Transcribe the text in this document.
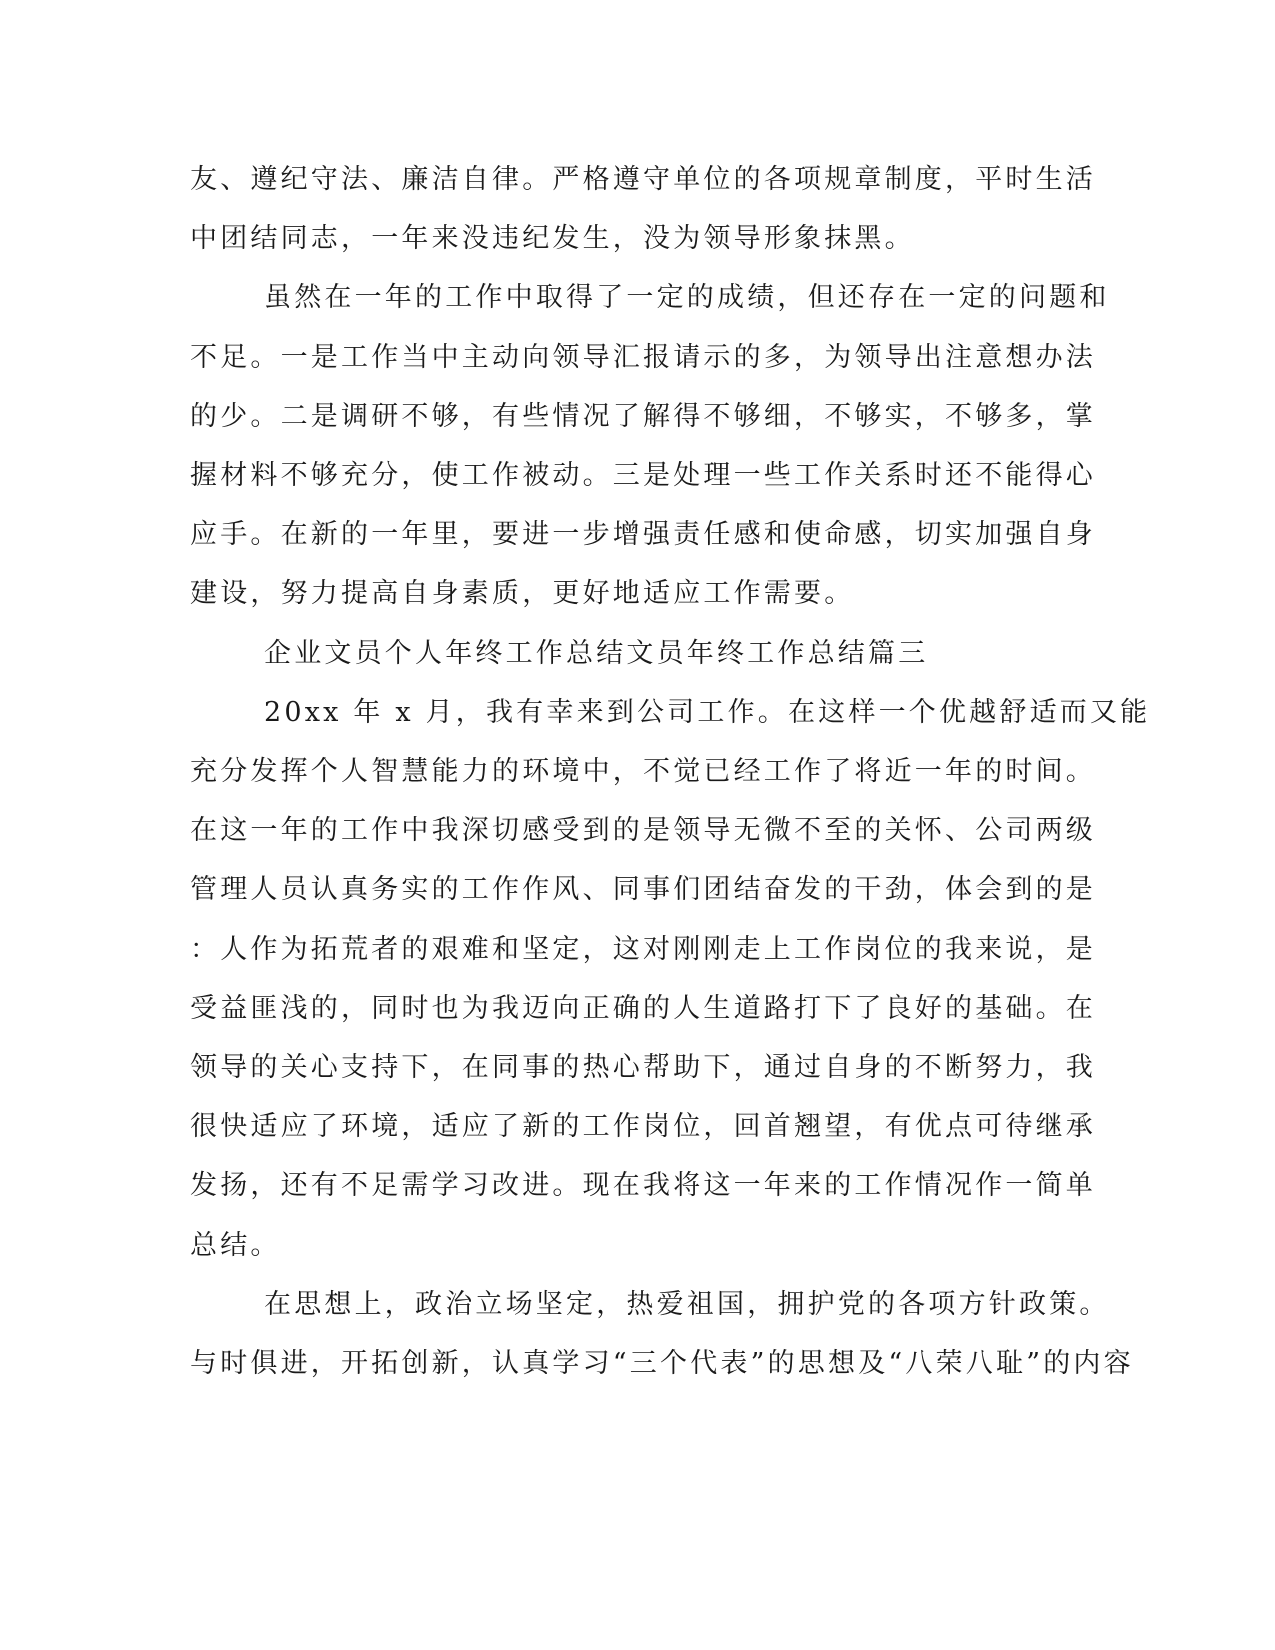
友、遵纪守法、廉洁自律。严格遵守单位的各项规章制度，平时生活
中团结同志，一年来没违纪发生，没为领导形象抹黑。
虽然在一年的工作中取得了一定的成绩，但还存在一定的问题和
不足。一是工作当中主动向领导汇报请示的多，为领导出注意想办法
的少。二是调研不够，有些情况了解得不够细，不够实，不够多，掌
握材料不够充分，使工作被动。三是处理一些工作关系时还不能得心
应手。在新的一年里，要进一步增强责任感和使命感，切实加强自身
建设，努力提高自身素质，更好地适应工作需要。
企业文员个人年终工作总结文员年终工作总结篇三
20xx 年 x 月，我有幸来到公司工作。在这样一个优越舒适而又能
充分发挥个人智慧能力的环境中，不觉已经工作了将近一年的时间。
在这一年的工作中我深切感受到的是领导无微不至的关怀、公司两级
管理人员认真务实的工作作风、同事们团结奋发的干劲，体会到的是
：人作为拓荒者的艰难和坚定，这对刚刚走上工作岗位的我来说，是
受益匪浅的，同时也为我迈向正确的人生道路打下了良好的基础。在
领导的关心支持下，在同事的热心帮助下，通过自身的不断努力，我
很快适应了环境，适应了新的工作岗位，回首翘望，有优点可待继承
发扬，还有不足需学习改进。现在我将这一年来的工作情况作一简单
总结。
在思想上，政治立场坚定，热爱祖国，拥护党的各项方针政策。
与时俱进，开拓创新，认真学习“三个代表”的思想及“八荣八耻”的内容
